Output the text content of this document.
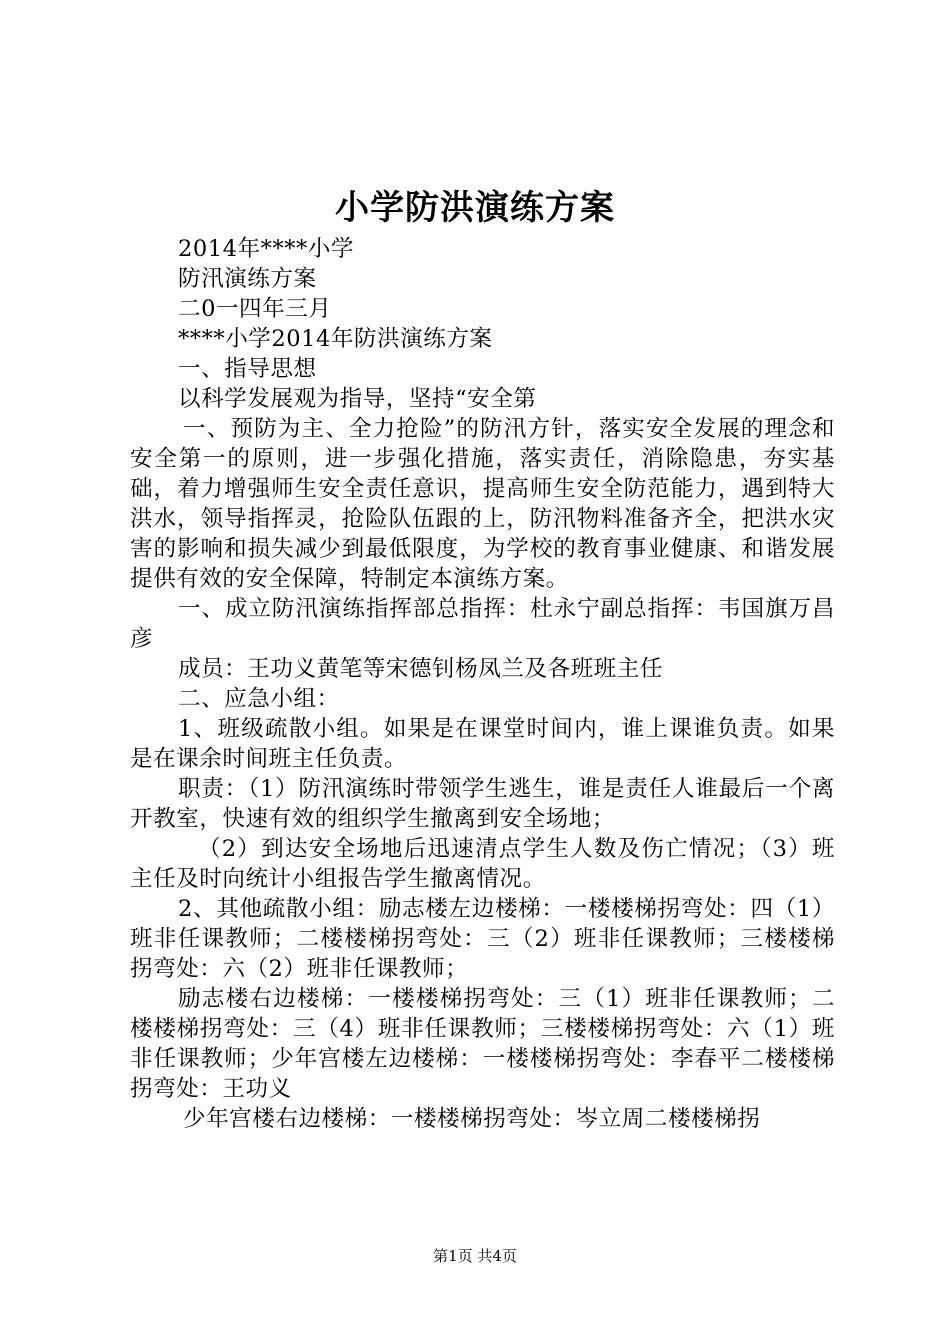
小学防洪演练方案

2014年****小学

防汛演练方案

二0一四年三月

****小学2014年防洪演练方案

一、指导思想

以科学发展观为指导，坚持“安全第

一、预防为主、全力抢险”的防汛方针，落实安全发展的理念和安全第一的原则，进一步强化措施，落实责任，消除隐患，夯实基础，着力增强师生安全责任意识，提高师生安全防范能力，遇到特大洪水，领导指挥灵，抢险队伍跟的上，防汛物料准备齐全，把洪水灾害的影响和损失减少到最低限度，为学校的教育事业健康、和谐发展提供有效的安全保障，特制定本演练方案。

一、成立防汛演练指挥部总指挥：杜永宁副总指挥：韦国旗万昌彦

成员：王功义黄笔等宋德钊杨凤兰及各班班主任

二、应急小组：

1、班级疏散小组。如果是在课堂时间内，谁上课谁负责。如果是在课余时间班主任负责。

职责：（1）防汛演练时带领学生逃生，谁是责任人谁最后一个离开教室，快速有效的组织学生撤离到安全场地；

（2）到达安全场地后迅速清点学生人数及伤亡情况；（3）班主任及时向统计小组报告学生撤离情况。

2、其他疏散小组：励志楼左边楼梯：一楼楼梯拐弯处：四（1）班非任课教师；二楼楼梯拐弯处：三（2）班非任课教师；三楼楼梯拐弯处：六（2）班非任课教师；

励志楼右边楼梯：一楼楼梯拐弯处：三（1）班非任课教师；二楼楼梯拐弯处：三（4）班非任课教师；三楼楼梯拐弯处：六（1）班非任课教师；少年宫楼左边楼梯：一楼楼梯拐弯处：李春平二楼楼梯拐弯处：王功义

少年宫楼右边楼梯：一楼楼梯拐弯处：岑立周二楼楼梯拐

第1页 共4页
